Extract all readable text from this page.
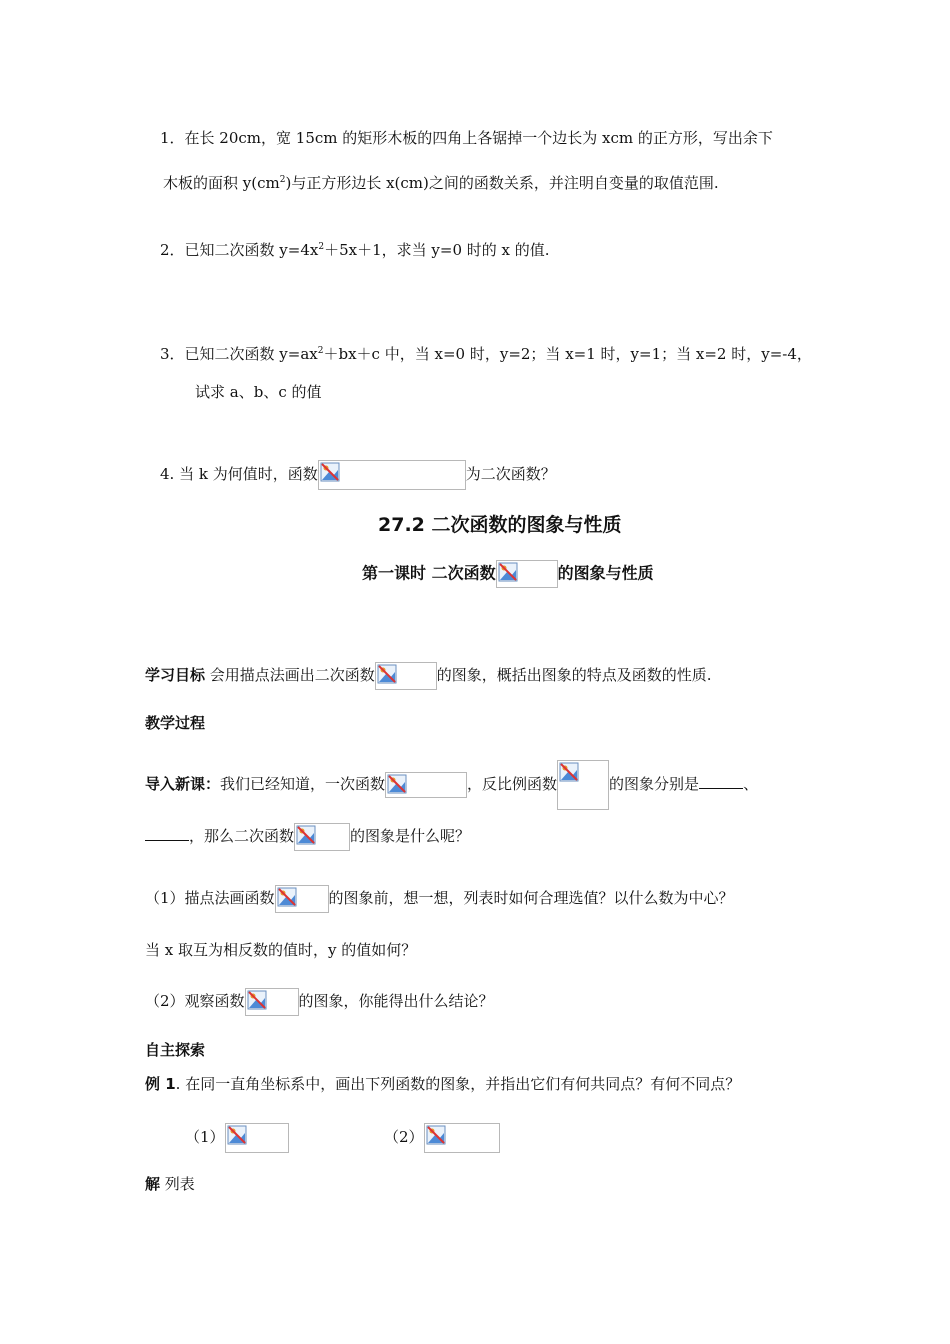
1．在长 20cm，宽 15cm 的矩形木板的四角上各锯掉一个边长为 xcm 的正方形，写出余下
木板的面积 $y(cm^2)$与正方形边长 x(cm)之间的函数关系，并注明自变量的取值范围.
2．已知二次函数 $y=4x^2+5x+1$，求当 y=0 时的 x 的值.
3．已知二次函数 $y=ax^2+bx+c$ 中，当 x=0 时，y=2；当 x=1 时，y=1；当 x=2 时，y=-4，
试求 a、b、c 的值
4. 当 k 为何值时，函数	为二次函数？
27.2 二次函数的图象与性质
第一课时 二次函数	的图象与性质
学习目标 会用描点法画出二次函数	的图象，概括出图象的特点及函数的性质.
教学过程
导入新课：我们已经知道，一次函数	，反比例函数	的图象分别是	、
，那么二次函数	的图象是什么呢？
（1）描点法画函数	的图象前，想一想，列表时如何合理选值？以什么数为中心？
当 x 取互为相反数的值时，y 的值如何？
（2）观察函数	的图象，你能得出什么结论？
自主探索
例 1. 在同一直角坐标系中，画出下列函数的图象，并指出它们有何共同点？有何不同点？
（1）	（2）
解 列表
